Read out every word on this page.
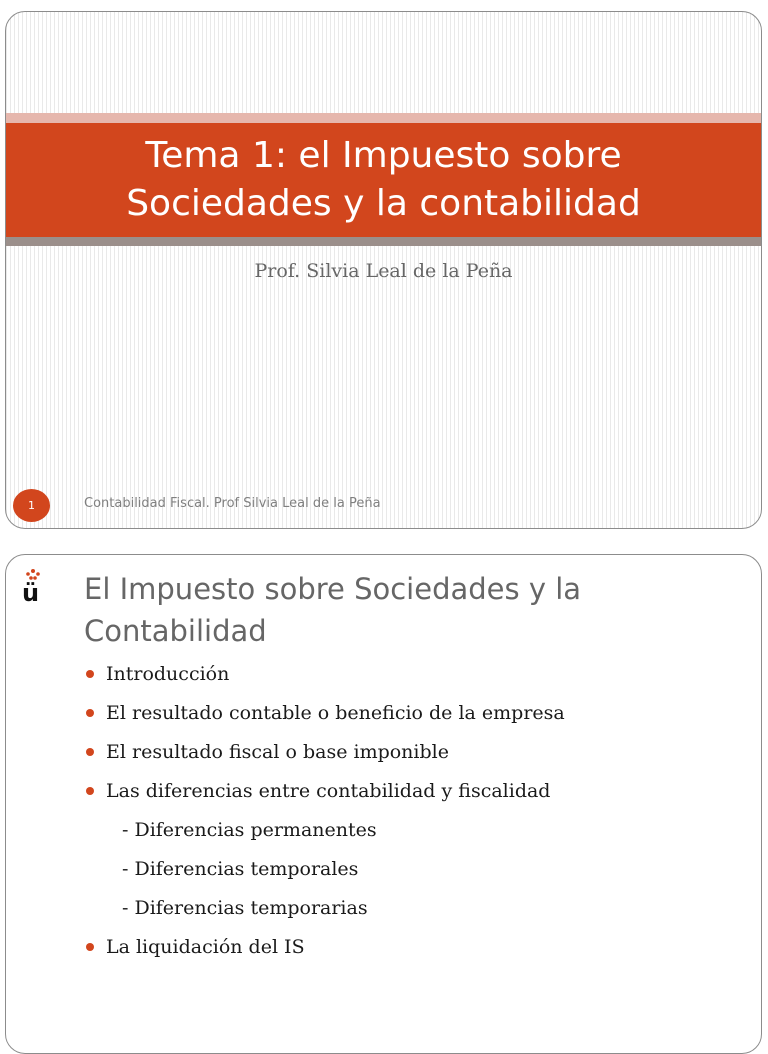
Tema 1: el Impuesto sobre
Sociedades y la contabilidad
Prof. Silvia Leal de la Peña
1	Contabilidad Fiscal. Prof Silvia Leal de la Peña
ü El Impuesto sobre Sociedades y la
Contabilidad
Introducción
El resultado contable o beneficio de la empresa
El resultado fiscal o base imponible
Las diferencias entre contabilidad y fiscalidad
- Diferencias permanentes
- Diferencias temporales
- Diferencias temporarias
La liquidación del IS
